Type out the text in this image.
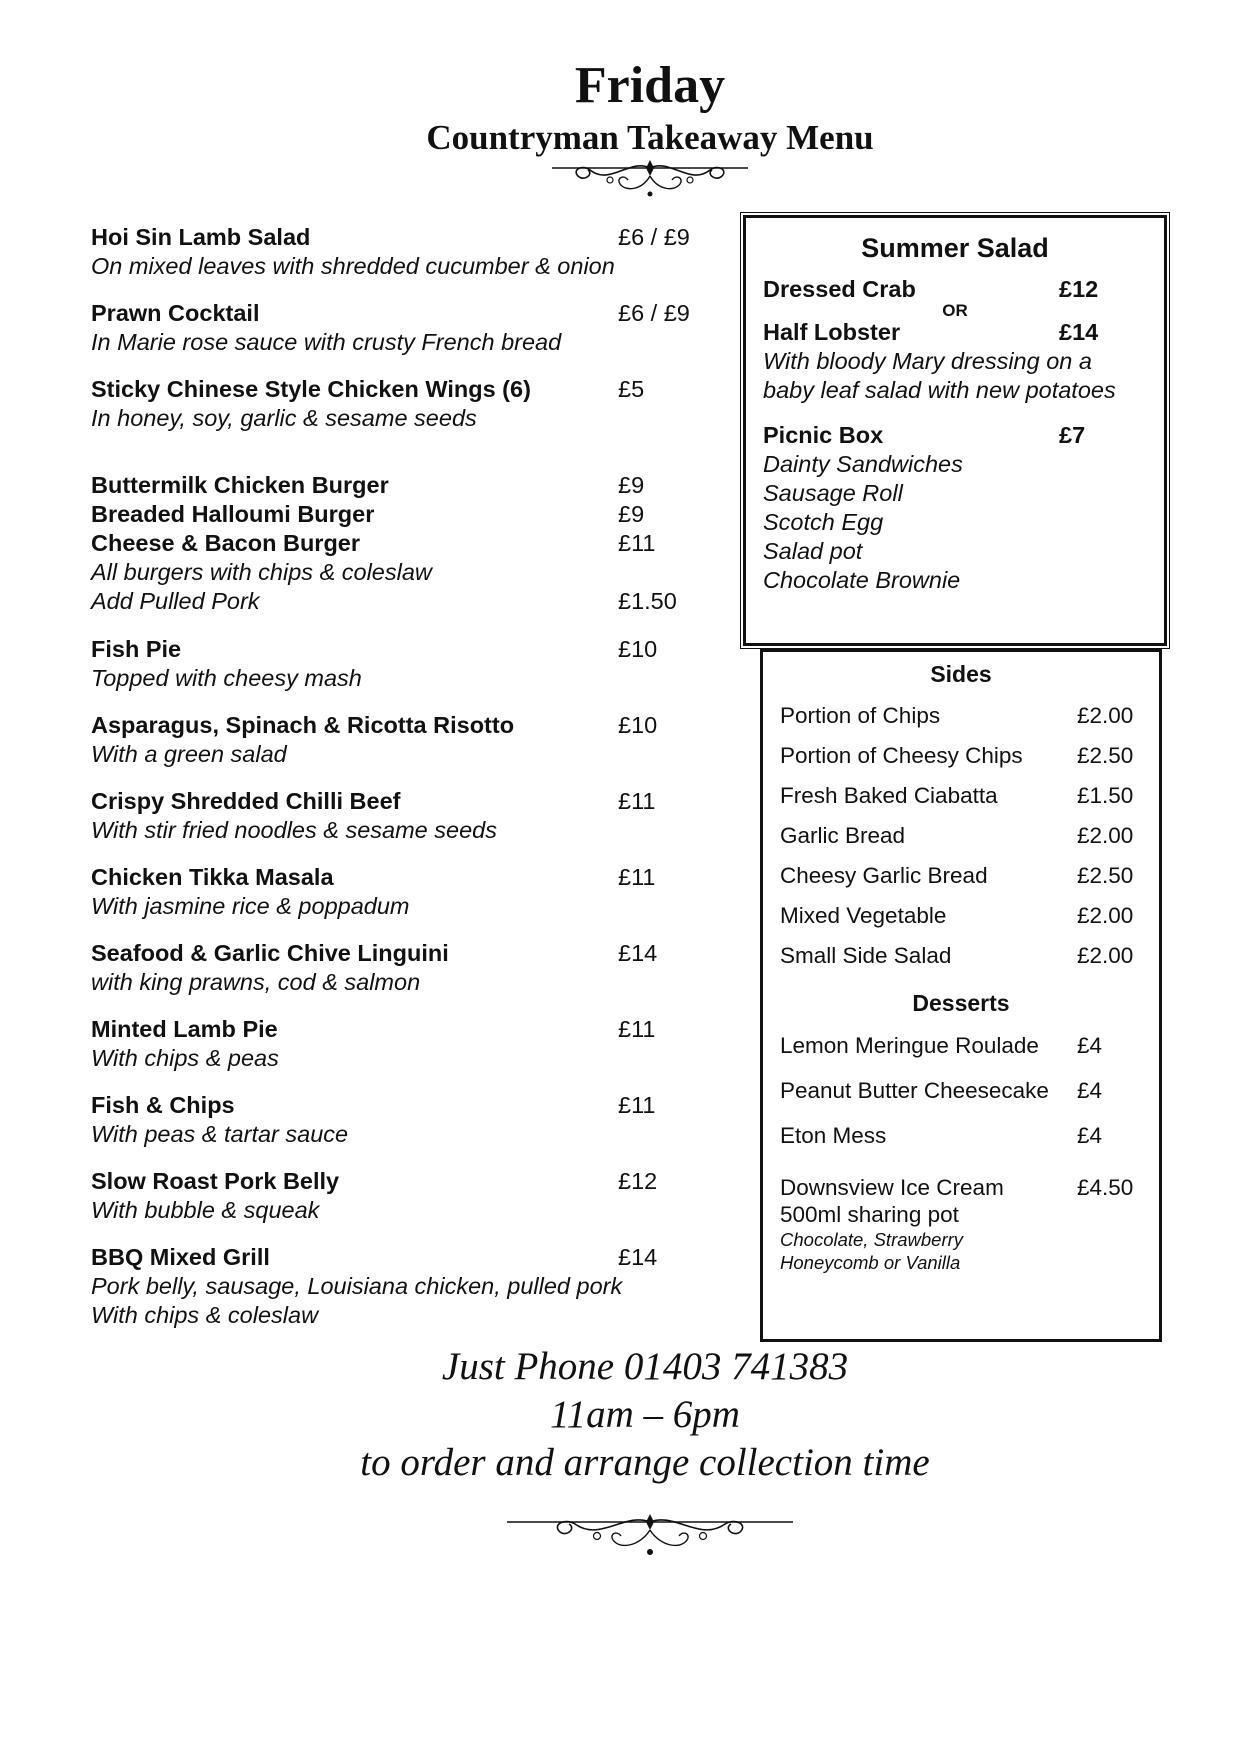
Friday
Countryman Takeaway Menu
Hoi Sin Lamb Salad	£6 / £9
On mixed leaves with shredded cucumber & onion
Prawn Cocktail	£6 / £9
In Marie rose sauce with crusty French bread
Sticky Chinese Style Chicken Wings (6)	£5
In honey, soy, garlic & sesame seeds
Buttermilk Chicken Burger	£9
Breaded Halloumi Burger	£9
Cheese & Bacon Burger	£11
All burgers with chips & coleslaw
Add Pulled Pork	£1.50
Fish Pie	£10
Topped with cheesy mash
Asparagus, Spinach & Ricotta Risotto	£10
With a green salad
Crispy Shredded Chilli Beef	£11
With stir fried noodles & sesame seeds
Chicken Tikka Masala	£11
With jasmine rice & poppadum
Seafood & Garlic Chive Linguini	£14
with king prawns, cod & salmon
Minted Lamb Pie	£11
With chips & peas
Fish & Chips	£11
With peas & tartar sauce
Slow Roast Pork Belly	£12
With bubble & squeak
BBQ Mixed Grill	£14
Pork belly, sausage, Louisiana chicken, pulled pork
With chips & coleslaw
Summer Salad
Dressed Crab	£12
OR
Half Lobster	£14
With bloody Mary dressing on a
baby leaf salad with new potatoes
Picnic Box	£7
Dainty Sandwiches
Sausage Roll
Scotch Egg
Salad pot
Chocolate Brownie
Sides
Portion of Chips	£2.00
Portion of Cheesy Chips £2.50
Fresh Baked Ciabatta	£1.50
Garlic Bread	£2.00
Cheesy Garlic Bread	£2.50
Mixed Vegetable	£2.00
Small Side Salad	£2.00
Desserts
Lemon Meringue Roulade £4
Peanut Butter Cheesecake £4
Eton Mess	£4
Downsview Ice Cream	£4.50
500ml sharing pot
Chocolate, Strawberry
Honeycomb or Vanilla
Just Phone 01403 741383
11am – 6pm
to order and arrange collection time
